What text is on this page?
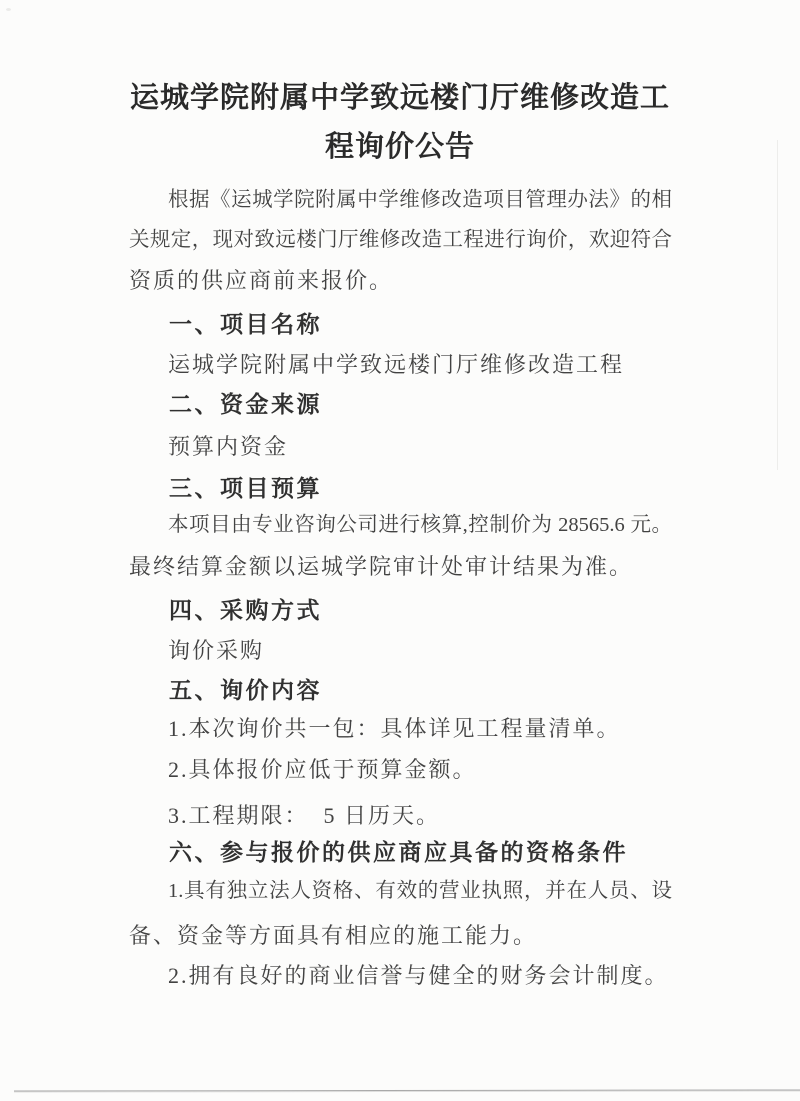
运城学院附属中学致远楼门厅维修改造工
程询价公告
根据《运城学院附属中学维修改造项目管理办法》的相
关规定，现对致远楼门厅维修改造工程进行询价，欢迎符合
资质的供应商前来报价。
一、项目名称
运城学院附属中学致远楼门厅维修改造工程
二、资金来源
预算内资金
三、项目预算
本项目由专业咨询公司进行核算,控制价为 28565.6 元。
最终结算金额以运城学院审计处审计结果为准。
四、采购方式
询价采购
五、询价内容
1.本次询价共一包：具体详见工程量清单。
2.具体报价应低于预算金额。
3.工程期限：  5 日历天。
六、参与报价的供应商应具备的资格条件
1.具有独立法人资格、有效的营业执照，并在人员、设
备、资金等方面具有相应的施工能力。
2.拥有良好的商业信誉与健全的财务会计制度。
